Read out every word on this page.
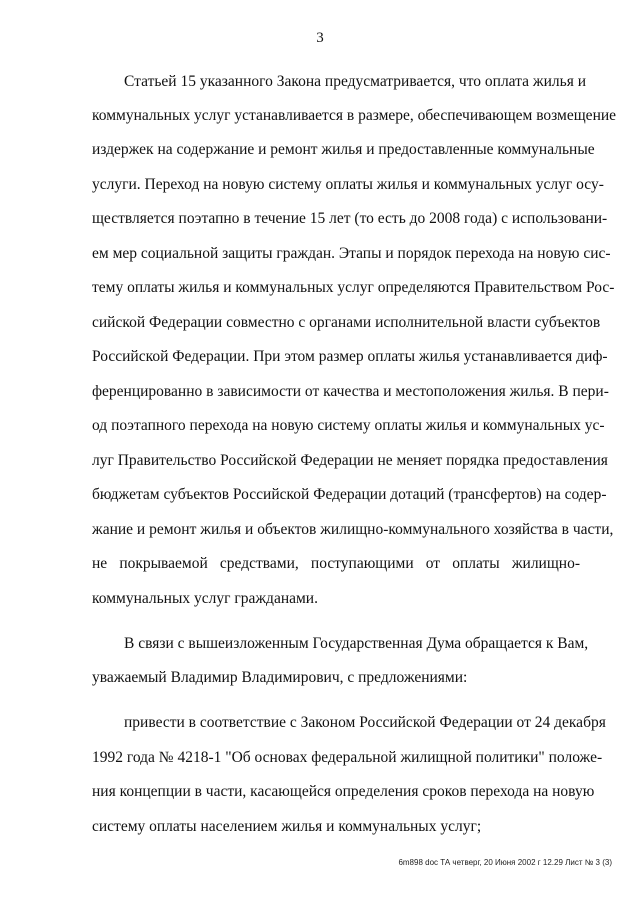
3
Статьей 15 указанного Закона предусматривается, что оплата жилья и
коммунальных услуг устанавливается в размере, обеспечивающем возмещение
издержек на содержание и ремонт жилья и предоставленные коммунальные
услуги. Переход на новую систему оплаты жилья и коммунальных услуг осу-
ществляется поэтапно в течение 15 лет (то есть до 2008 года) с использовани-
ем мер социальной защиты граждан. Этапы и порядок перехода на новую сис-
тему оплаты жилья и коммунальных услуг определяются Правительством Рос-
сийской Федерации совместно с органами исполнительной власти субъектов
Российской Федерации. При этом размер оплаты жилья устанавливается диф-
ференцированно в зависимости от качества и местоположения жилья. В пери-
од поэтапного перехода на новую систему оплаты жилья и коммунальных ус-
луг Правительство Российской Федерации не меняет порядка предоставления
бюджетам субъектов Российской Федерации дотаций (трансфертов) на содер-
жание и ремонт жилья и объектов жилищно-коммунального хозяйства в части,
не покрываемой средствами, поступающими от оплаты жилищно-
коммунальных услуг гражданами.
В связи с вышеизложенным Государственная Дума обращается к Вам,
уважаемый Владимир Владимирович, с предложениями:
привести в соответствие с Законом Российской Федерации от 24 декабря
1992 года № 4218-1 "Об основах федеральной жилищной политики" положе-
ния концепции в части, касающейся определения сроков перехода на новую
систему оплаты населением жилья и коммунальных услуг;
6m898 doc ТА четверг, 20 Июня 2002 г 12.29 Лист № 3 (3)
